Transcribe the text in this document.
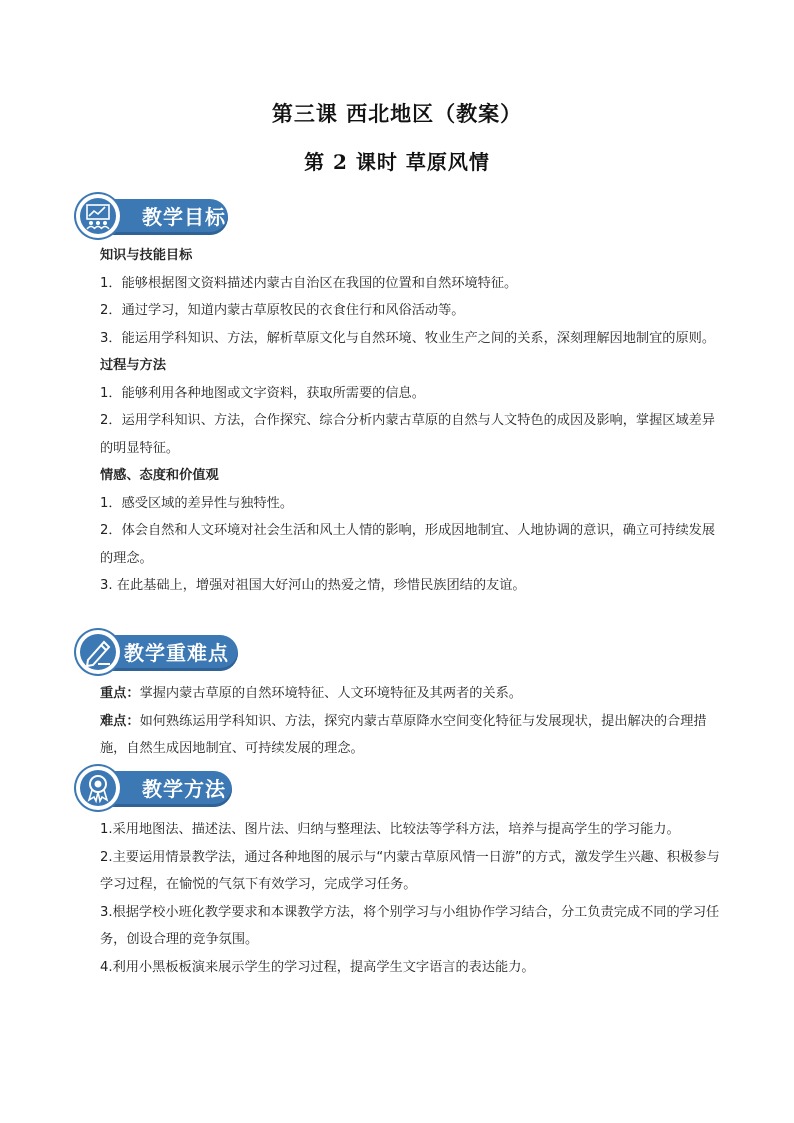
第三课 西北地区（教案）
第 2 课时 草原风情
教学目标
知识与技能目标
1．能够根据图文资料描述内蒙古自治区在我国的位置和自然环境特征。
2．通过学习，知道内蒙古草原牧民的衣食住行和风俗活动等。
3．能运用学科知识、方法，解析草原文化与自然环境、牧业生产之间的关系，深刻理解因地制宜的原则。
过程与方法
1．能够利用各种地图或文字资料，获取所需要的信息。
2．运用学科知识、方法，合作探究、综合分析内蒙古草原的自然与人文特色的成因及影响，掌握区域差异的明显特征。
情感、态度和价值观
1．感受区域的差异性与独特性。
2．体会自然和人文环境对社会生活和风土人情的影响，形成因地制宜、人地协调的意识，确立可持续发展的理念。
3. 在此基础上，增强对祖国大好河山的热爱之情，珍惜民族团结的友谊。
教学重难点
重点：掌握内蒙古草原的自然环境特征、人文环境特征及其两者的关系。
难点：如何熟练运用学科知识、方法，探究内蒙古草原降水空间变化特征与发展现状，提出解决的合理措施，自然生成因地制宜、可持续发展的理念。
教学方法
1.采用地图法、描述法、图片法、归纳与整理法、比较法等学科方法，培养与提高学生的学习能力。
2.主要运用情景教学法，通过各种地图的展示与“内蒙古草原风情一日游”的方式，激发学生兴趣、积极参与学习过程，在愉悦的气氛下有效学习，完成学习任务。
3.根据学校小班化教学要求和本课教学方法，将个别学习与小组协作学习结合，分工负责完成不同的学习任务，创设合理的竞争氛围。
4.利用小黑板板演来展示学生的学习过程，提高学生文字语言的表达能力。
